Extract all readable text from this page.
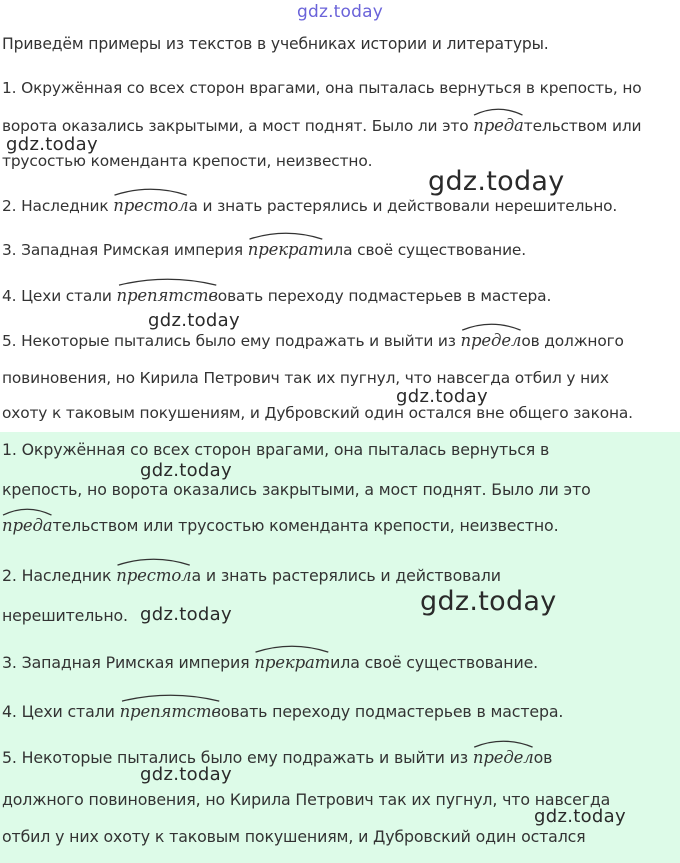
gdz.today
1. Окружённая со всех сторон врагами, она пыталась вернуться в крепость, но
ворота оказались закрытыми, а мост поднят. Было ли это
предательством или
трусостью коменданта крепости, неизвестно.
2. Наследник
престола и знать растерялись и действовали нерешительно.
3. Западная Римская империя
прекратила своё существование.
4. Цехи стали
препятствовать переходу подмастерьев в мастера.
5. Некоторые пытались было ему подражать и выйти из
пределов должного
повиновения, но Кирила Петрович так их пугнул, что навсегда отбил у них
охоту к таковым покушениям, и Дубровский один остался вне общего закона.
1. Окружённая со всех сторон врагами, она пыталась вернуться в
крепость, но ворота оказались закрытыми, а мост поднят. Было ли это
предательством или трусостью коменданта крепости, неизвестно.
2. Наследник
престола и знать растерялись и действовали
нерешительно.
3. Западная Римская империя
прекратила своё существование.
4. Цехи стали
препятствовать переходу подмастерьев в мастера.
5. Некоторые пытались было ему подражать и выйти из
пределов
должного повиновения, но Кирила Петрович так их пугнул, что навсегда
отбил у них охоту к таковым покушениям, и Дубровский один остался
Приведём примеры из текстов в учебниках истории и литературы.
gdz.today
gdz.today
gdz.today
gdz.today
gdz.today
gdz.today
gdz.today
gdz.today
gdz.today
